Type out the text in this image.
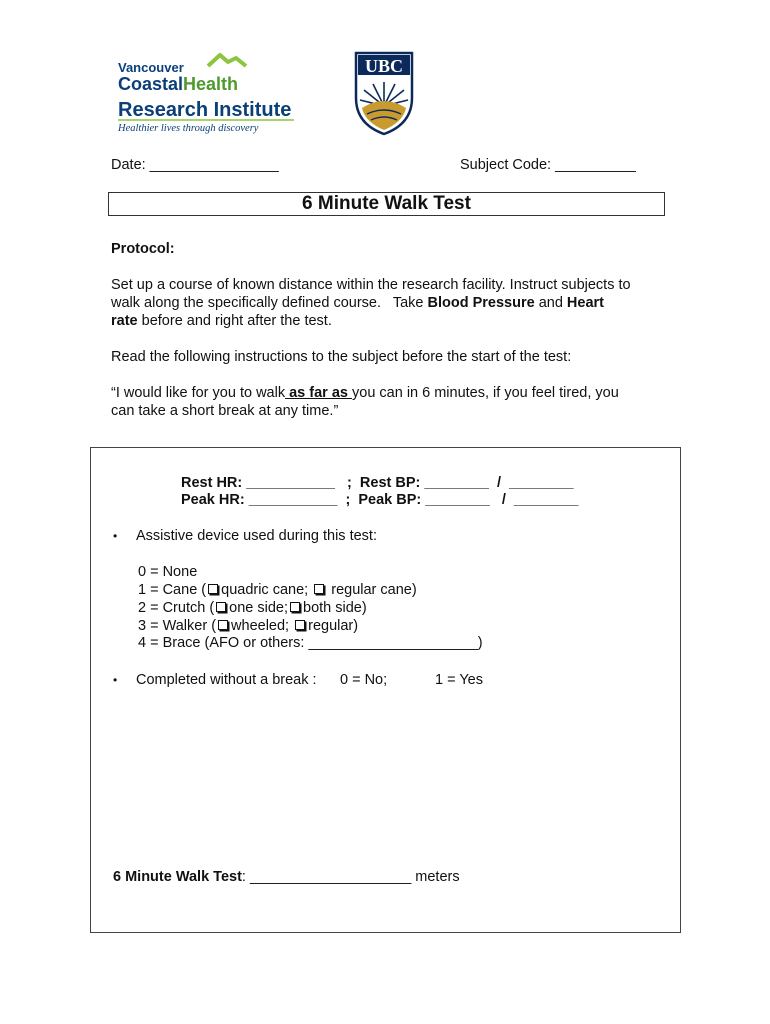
Vancouver
CoastalHealth
Research Institute
Healthier lives through discovery
UBC
Date: ________________	Subject Code: __________
6 Minute Walk Test
Protocol:
Set up a course of known distance within the research facility. Instruct subjects to
walk along the specifically defined course.   Take Blood Pressure and Heart
rate before and right after the test.
Read the following instructions to the subject before the start of the test:
“I would like for you to walk as far as you can in 6 minutes, if you feel tired, you
can take a short break at any time.”
Rest HR: ___________   ;  Rest BP: ________  /  ________
Peak HR: ___________  ;  Peak BP: ________   /  ________
• Assistive device used during this test:
0 = None
1 = Cane ( quadric cane;  regular cane)
2 = Crutch ( one side; both side)
3 = Walker ( wheeled; regular)
4 = Brace (AFO or others: _____________________)
• Completed without a break : 0 = No;	1 = Yes
6 Minute Walk Test: ____________________ meters
